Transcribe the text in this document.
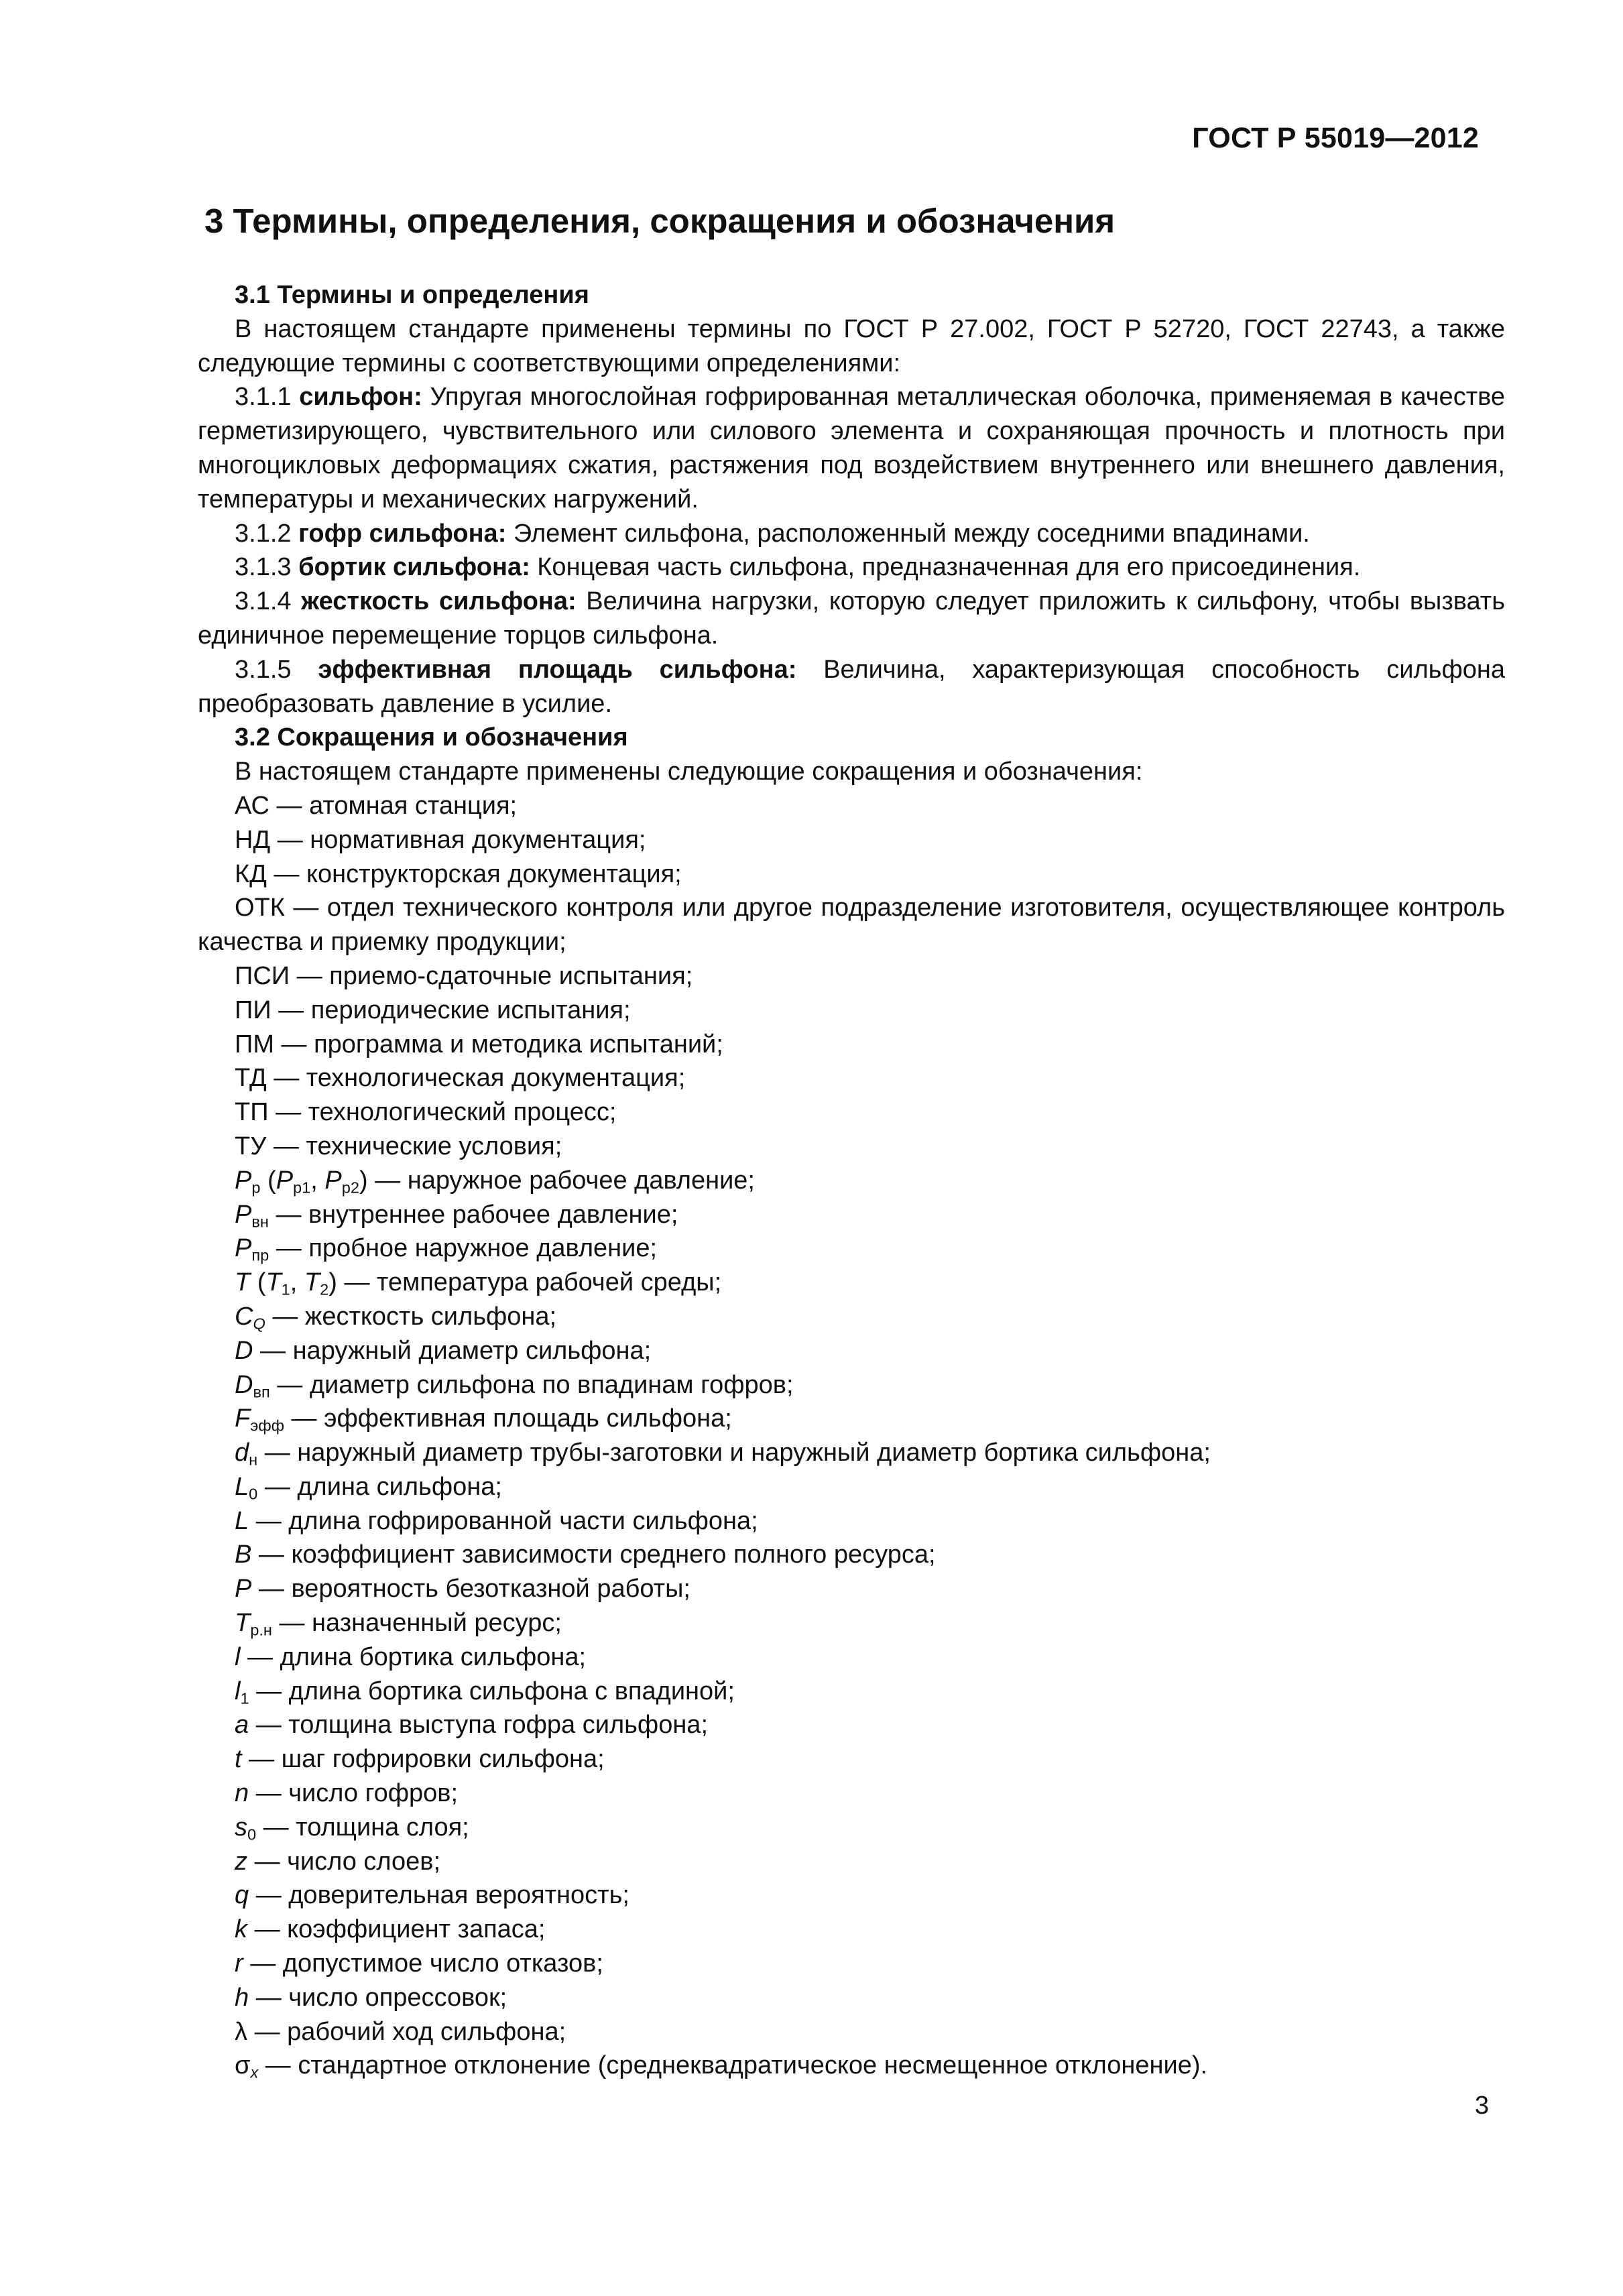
ГОСТ Р 55019—2012
3 Термины, определения, сокращения и обозначения

3.1 Термины и определения

В настоящем стандарте применены термины по ГОСТ Р 27.002, ГОСТ Р 52720, ГОСТ 22743, а также следующие термины с соответствующими определениями:

3.1.1 сильфон: Упругая многослойная гофрированная металлическая оболочка, применяемая в качестве герметизирующего, чувствительного или силового элемента и сохраняющая прочность и плотность при многоцикловых деформациях сжатия, растяжения под воздействием внутреннего или внешнего давления, температуры и механических нагружений.

3.1.2 гофр сильфона: Элемент сильфона, расположенный между соседними впадинами.

3.1.3 бортик сильфона: Концевая часть сильфона, предназначенная для его присоединения.

3.1.4 жесткость сильфона: Величина нагрузки, которую следует приложить к сильфону, чтобы вызвать единичное перемещение торцов сильфона.

3.1.5 эффективная площадь сильфона: Величина, характеризующая способность сильфона преобразовать давление в усилие.

3.2 Сокращения и обозначения

В настоящем стандарте применены следующие сокращения и обозначения:

АС — атомная станция;

НД — нормативная документация;

КД — конструкторская документация;

ОТК — отдел технического контроля или другое подразделение изготовителя, осуществляющее контроль качества и приемку продукции;

ПСИ — приемо-сдаточные испытания;

ПИ — периодические испытания;

ПМ — программа и методика испытаний;

ТД — технологическая документация;

ТП — технологический процесс;

ТУ — технические условия;

$P_р$ ($P_{р1}$, $P_{р2}$) — наружное рабочее давление;

$P_{вн}$ — внутреннее рабочее давление;

$P_{пр}$ — пробное наружное давление;

T ($T_1$, $T_2$) — температура рабочей среды;

$C_Q$ — жесткость сильфона;

D — наружный диаметр сильфона;

$D_{вп}$ — диаметр сильфона по впадинам гофров;

$F_{эфф}$ — эффективная площадь сильфона;

$d_н$ — наружный диаметр трубы-заготовки и наружный диаметр бортика сильфона;

$L_0$ — длина сильфона;

L — длина гофрированной части сильфона;

B — коэффициент зависимости среднего полного ресурса;

P — вероятность безотказной работы;

$T_{р.н}$ — назначенный ресурс;

l — длина бортика сильфона;

$l_1$ — длина бортика сильфона с впадиной;

a — толщина выступа гофра сильфона;

t — шаг гофрировки сильфона;

n — число гофров;

$s_0$ — толщина слоя;

z — число слоев;

q — доверительная вероятность;

k — коэффициент запаса;

r — допустимое число отказов;

h — число опрессовок;

λ — рабочий ход сильфона;

$\sigma_x$ — стандартное отклонение (среднеквадратическое несмещенное отклонение).

3
